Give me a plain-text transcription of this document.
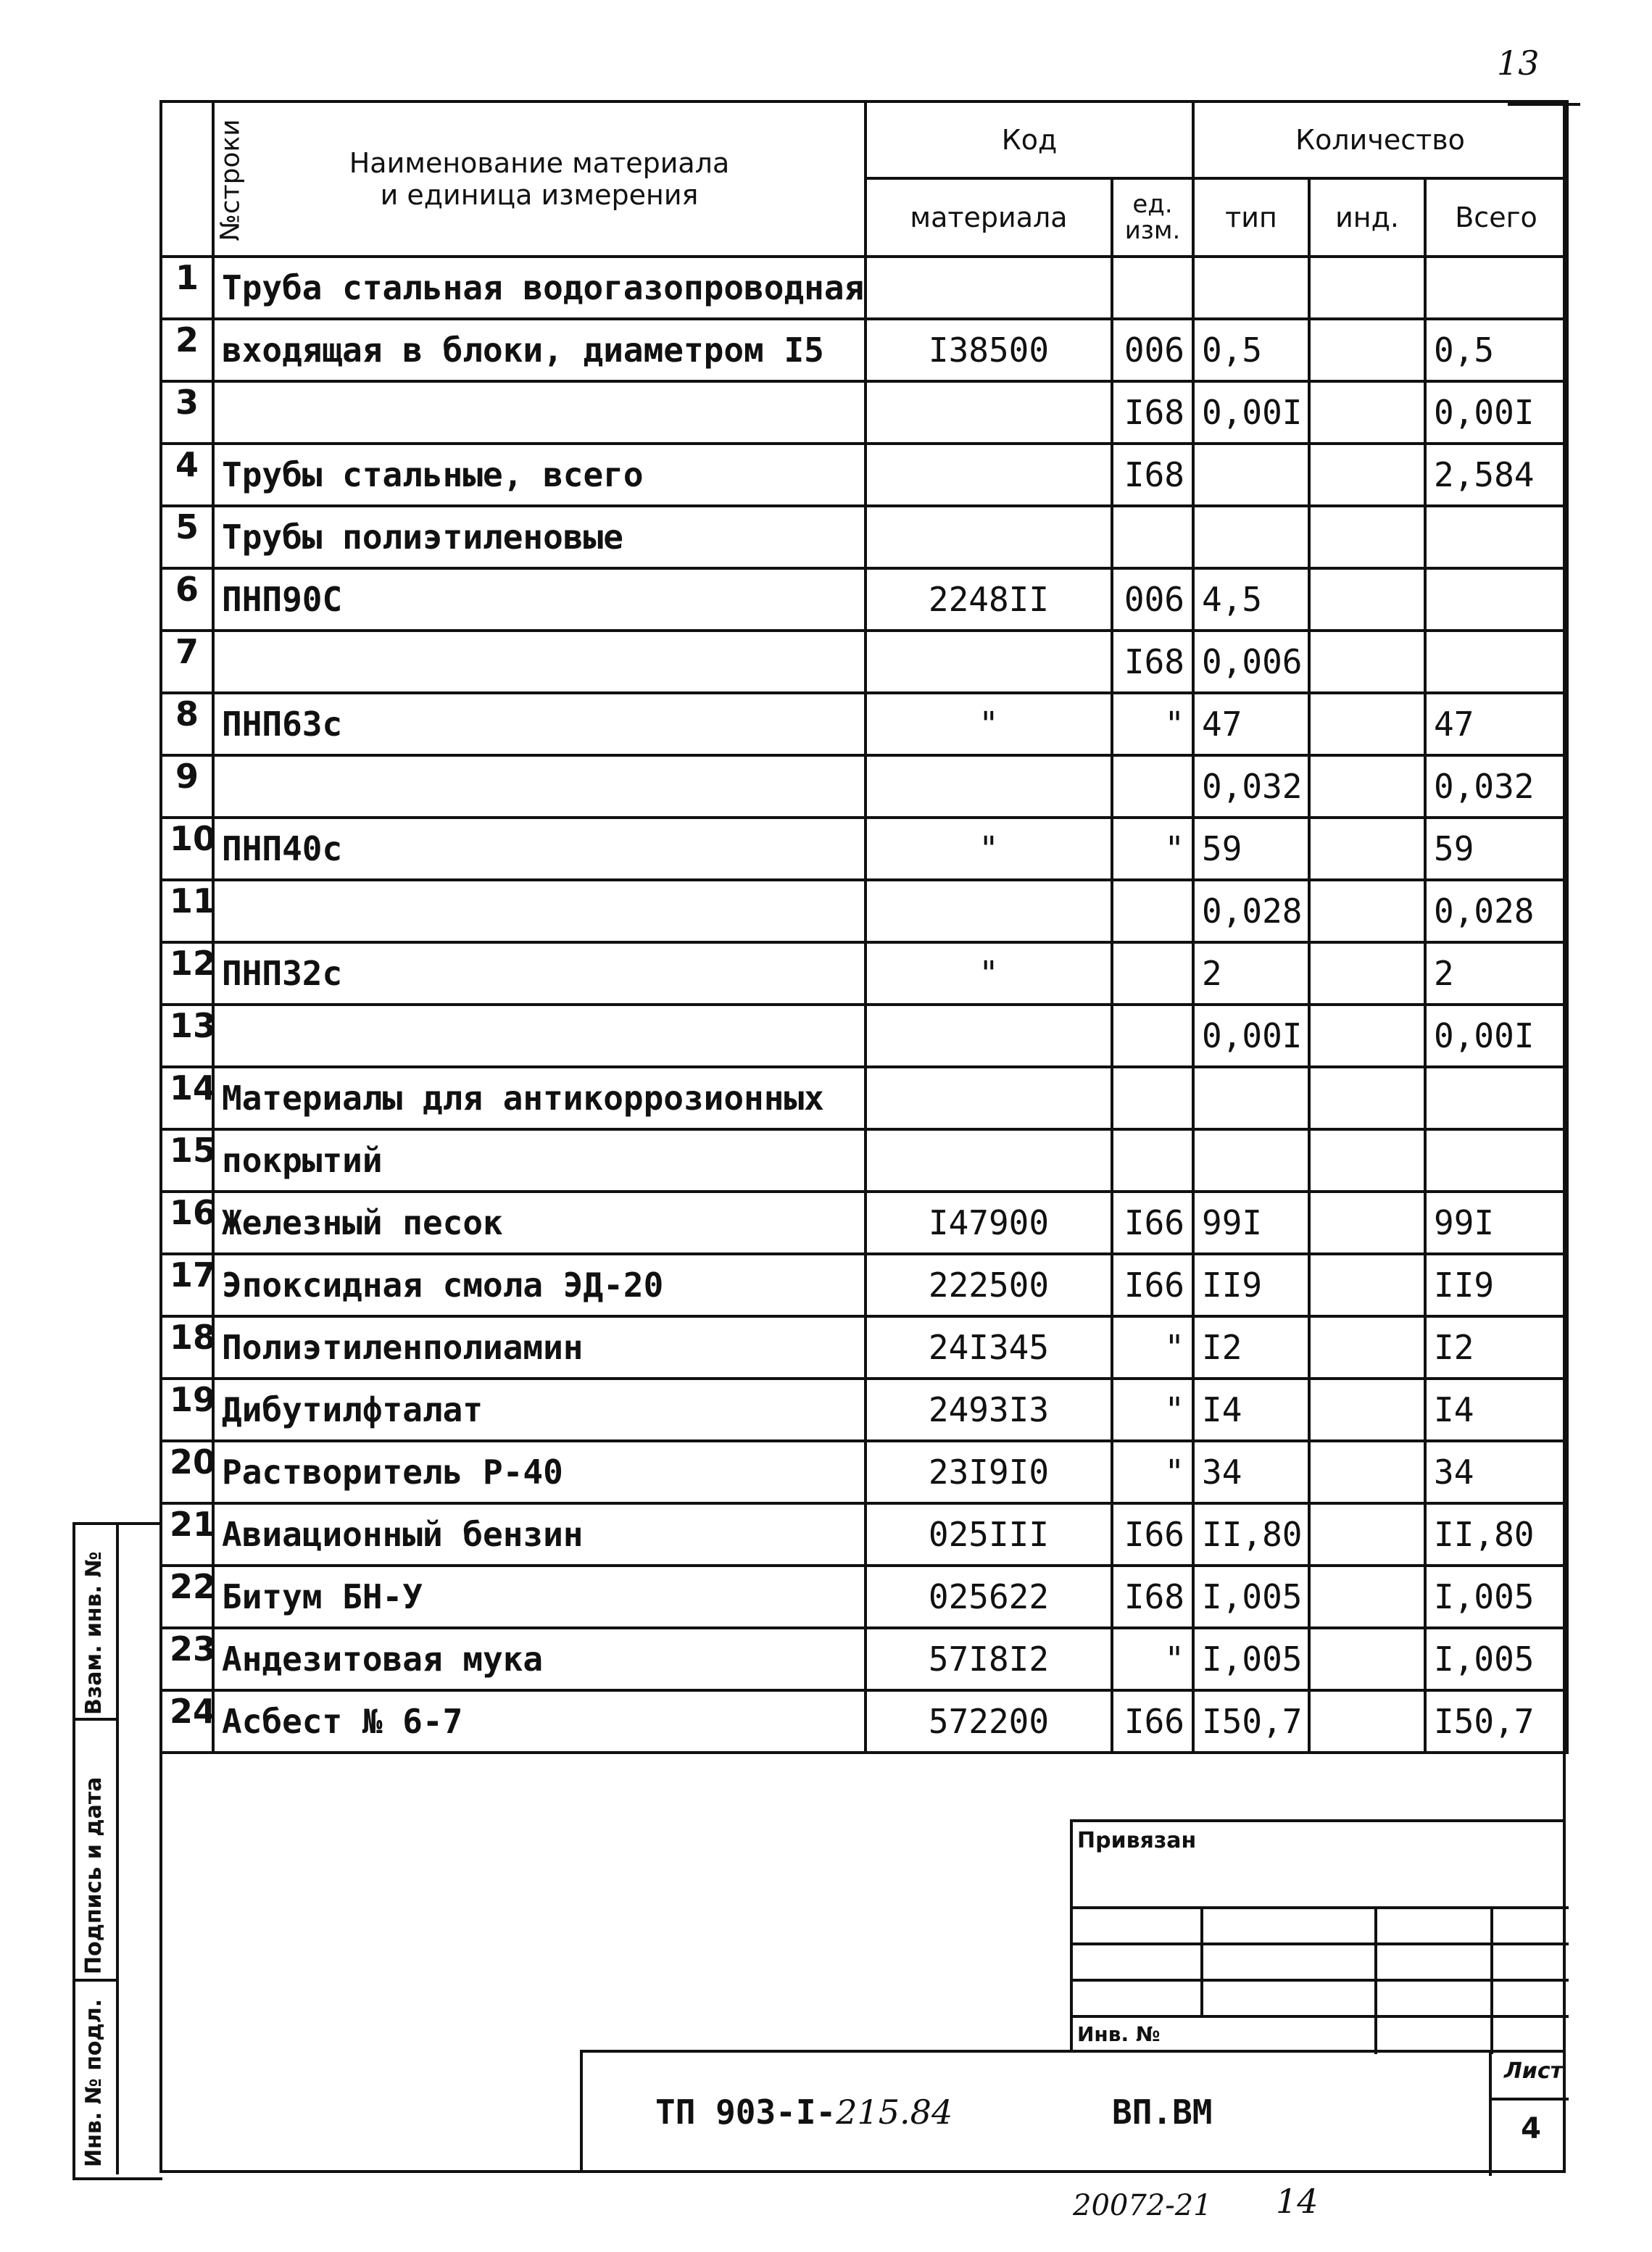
13
№строки	Наименование материала
и единица измерения	Код		Количество		
		материала	ед. изм.	тип	инд.	Всего
1	Труба стальная водогазопроводная					
2	входящая в блоки, диаметром I5	I38500	006	0,5		0,5
3			I68	0,00I		0,00I
4	Трубы стальные, всего		I68			2,584
5	Трубы полиэтиленовые					
6	ПНП90С	2248II	006	4,5		
7			I68	0,006		
8	ПНП63с	"	"	47		47
9				0,032		0,032
10	ПНП40с	"	"	59		59
11				0,028		0,028
12	ПНП32с	"		2		2
13				0,00I		0,00I
14	Материалы для антикоррозионных					
15	покрытий					
16	Железный песок	I47900	I66	99I		99I
17	Эпоксидная смола ЭД-20	222500	I66	II9		II9
18	Полиэтиленполиамин	24I345	"	I2		I2
19	Дибутилфталат	2493I3	"	I4		I4
20	Растворитель Р-40	23I9I0	"	34		34
21	Авиационный бензин	025III	I66	II,80		II,80
22	Битум БН-У	025622	I68	I,005		I,005
23	Андезитовая мука	57I8I2	"	I,005		I,005
24	Асбест № 6-7	572200	I66	I50,7		I50,7
Взам. инв. №
Подпись и дата
Инв. № подл.
Привязан
Инв. №
ТП 903-I-215.84	ВП.ВМ
Лист
4
20072-21 14
